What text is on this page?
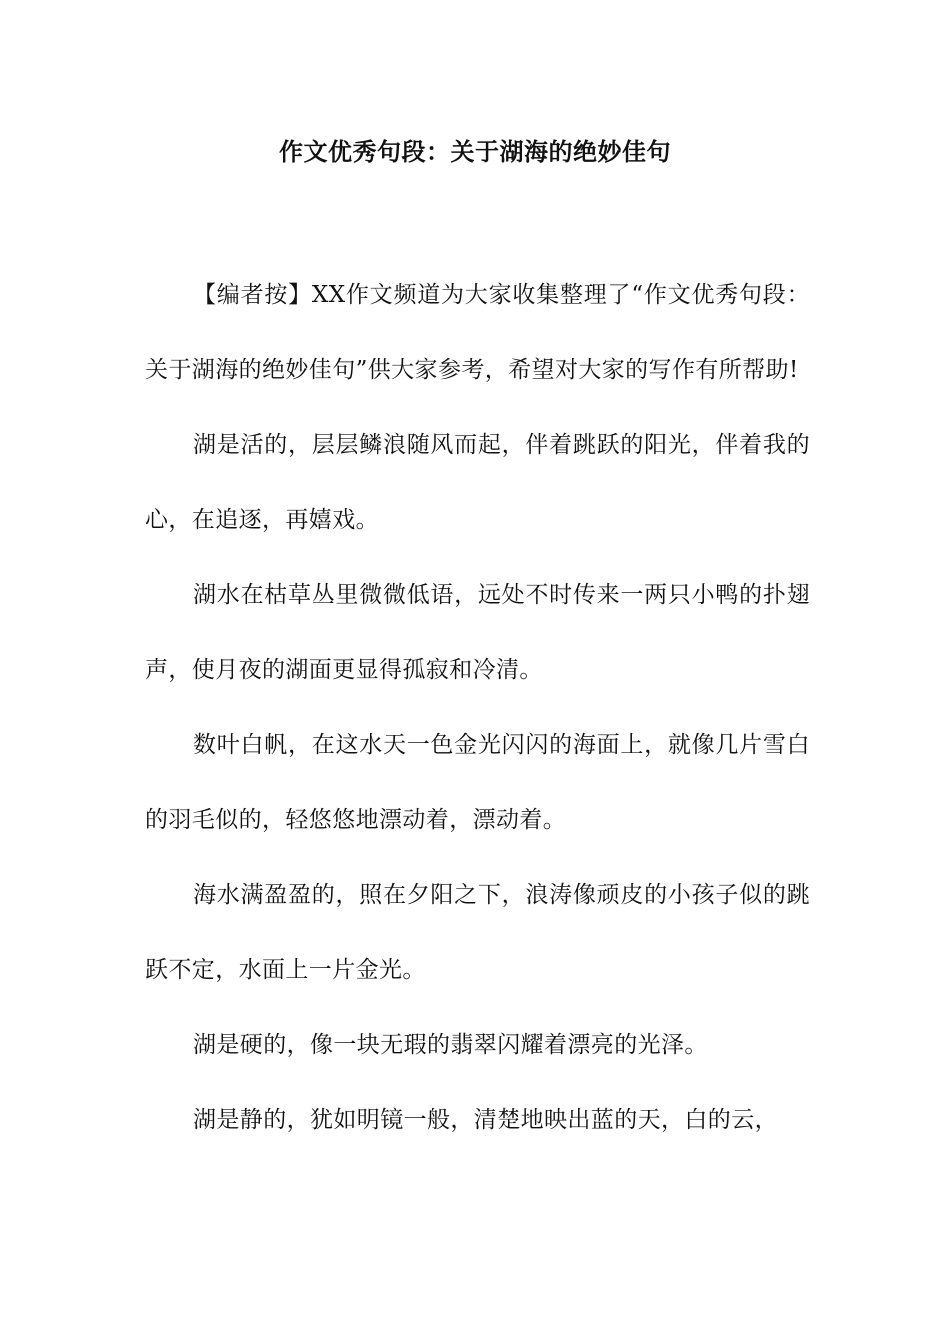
作文优秀句段：关于湖海的绝妙佳句

【编者按】XX作文频道为大家收集整理了“作文优秀句段：关于湖海的绝妙佳句”供大家参考，希望对大家的写作有所帮助!

湖是活的，层层鳞浪随风而起，伴着跳跃的阳光，伴着我的心，在追逐，再嬉戏。

湖水在枯草丛里微微低语，远处不时传来一两只小鸭的扑翅声，使月夜的湖面更显得孤寂和冷清。

数叶白帆，在这水天一色金光闪闪的海面上，就像几片雪白的羽毛似的，轻悠悠地漂动着，漂动着。

海水满盈盈的，照在夕阳之下，浪涛像顽皮的小孩子似的跳跃不定，水面上一片金光。

湖是硬的，像一块无瑕的翡翠闪耀着漂亮的光泽。

湖是静的，犹如明镜一般，清楚地映出蓝的天，白的云，
